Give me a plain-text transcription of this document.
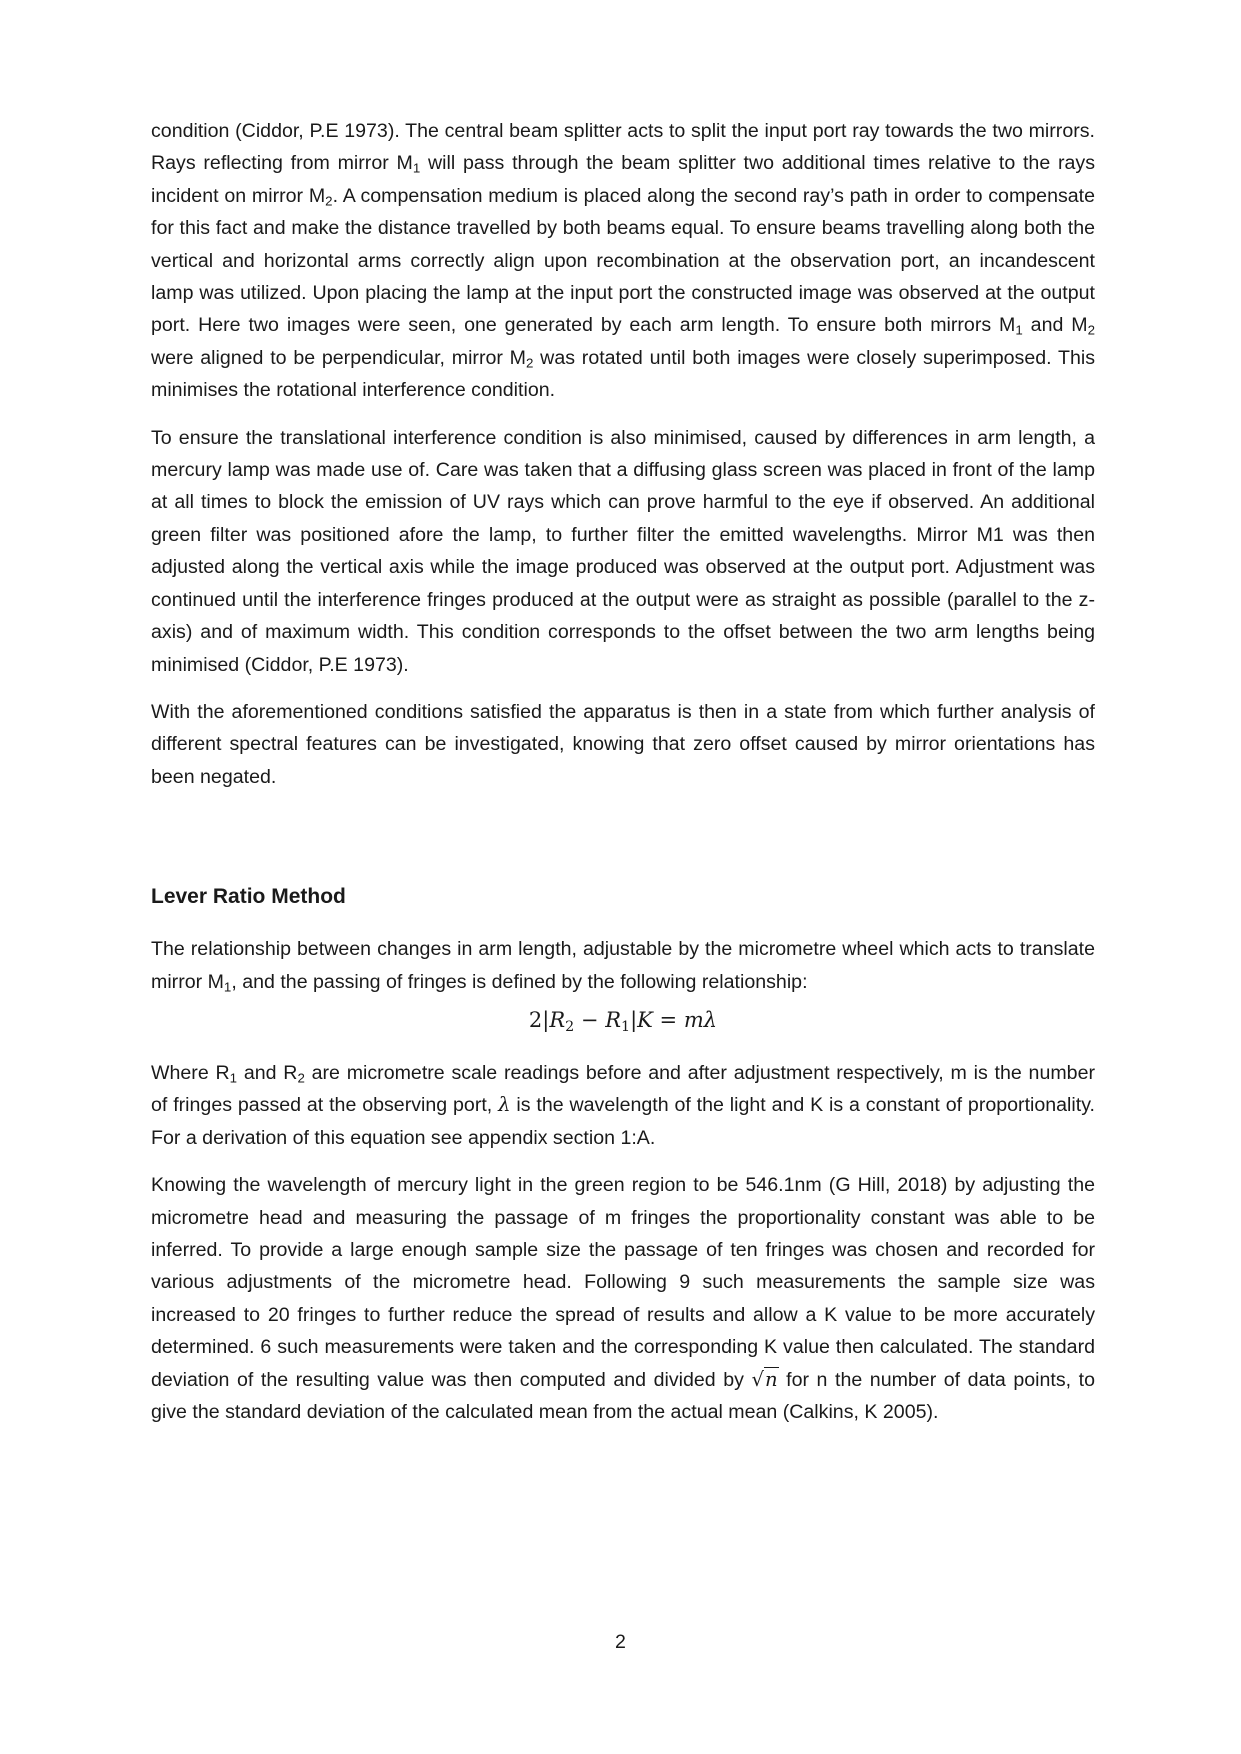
condition (Ciddor, P.E 1973). The central beam splitter acts to split the input port ray towards the two mirrors. Rays reflecting from mirror $M_1$ will pass through the beam splitter two additional times relative to the rays incident on mirror $M_2$. A compensation medium is placed along the second ray’s path in order to compensate for this fact and make the distance travelled by both beams equal. To ensure beams travelling along both the vertical and horizontal arms correctly align upon recombination at the observation port, an incandescent lamp was utilized. Upon placing the lamp at the input port the constructed image was observed at the output port. Here two images were seen, one generated by each arm length. To ensure both mirrors $M_1$ and $M_2$ were aligned to be perpendicular, mirror $M_2$ was rotated until both images were closely superimposed. This minimises the rotational interference condition.

To ensure the translational interference condition is also minimised, caused by differences in arm length, a mercury lamp was made use of. Care was taken that a diffusing glass screen was placed in front of the lamp at all times to block the emission of UV rays which can prove harmful to the eye if observed. An additional green filter was positioned afore the lamp, to further filter the emitted wavelengths. Mirror M1 was then adjusted along the vertical axis while the image produced was observed at the output port. Adjustment was continued until the interference fringes produced at the output were as straight as possible (parallel to the z-axis) and of maximum width. This condition corresponds to the offset between the two arm lengths being minimised (Ciddor, P.E 1973).

With the aforementioned conditions satisfied the apparatus is then in a state from which further analysis of different spectral features can be investigated, knowing that zero offset caused by mirror orientations has been negated.

Lever Ratio Method

The relationship between changes in arm length, adjustable by the micrometre wheel which acts to translate mirror $M_1$, and the passing of fringes is defined by the following relationship:

$2|R_2 - R_1|K = m\lambda$

Where $R_1$ and $R_2$ are micrometre scale readings before and after adjustment respectively, m is the number of fringes passed at the observing port, λ is the wavelength of the light and K is a constant of proportionality. For a derivation of this equation see appendix section 1:A.

Knowing the wavelength of mercury light in the green region to be 546.1nm (G Hill, 2018) by adjusting the micrometre head and measuring the passage of m fringes the proportionality constant was able to be inferred. To provide a large enough sample size the passage of ten fringes was chosen and recorded for various adjustments of the micrometre head. Following 9 such measurements the sample size was increased to 20 fringes to further reduce the spread of results and allow a K value to be more accurately determined. 6 such measurements were taken and the corresponding K value then calculated. The standard deviation of the resulting value was then computed and divided by √n for n the number of data points, to give the standard deviation of the calculated mean from the actual mean (Calkins, K 2005).

2
